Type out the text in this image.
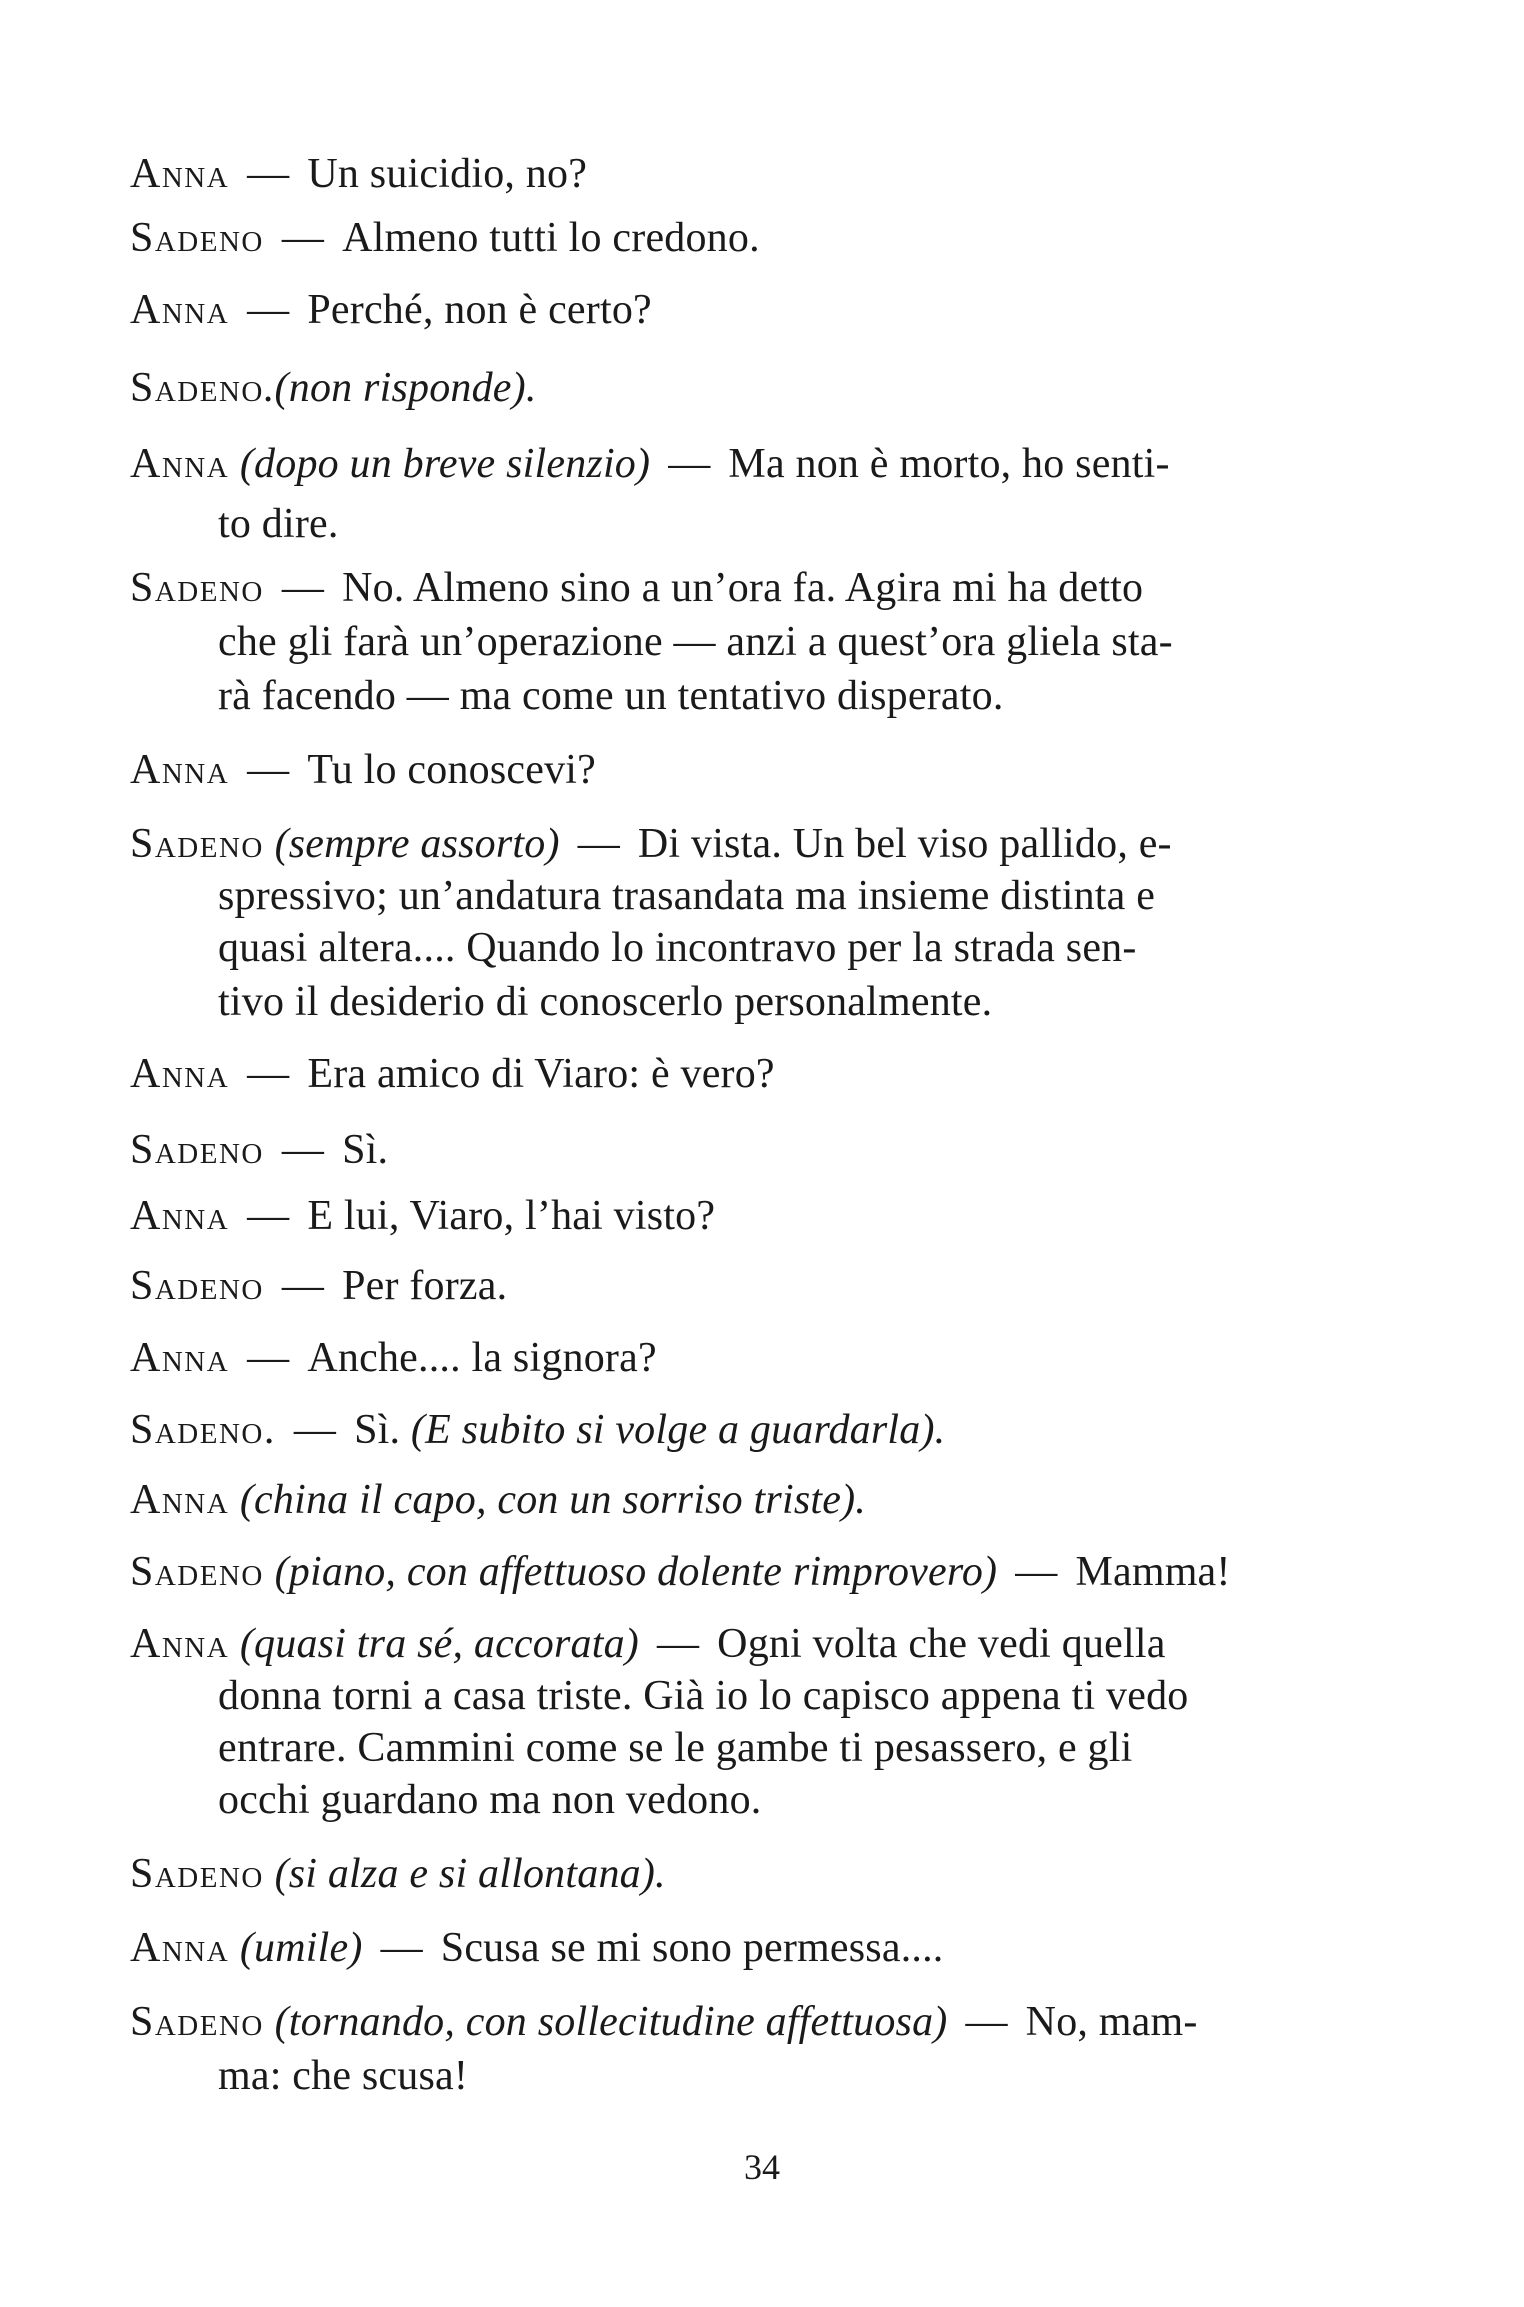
Anna — Un suicidio, no?
Sadeno — Almeno tutti lo credono.
Anna — Perché, non è certo?
Sadeno.(non risponde).
Anna (dopo un breve silenzio) — Ma non è morto, ho senti-
to dire.
Sadeno — No. Almeno sino a un’ora fa. Agira mi ha detto
che gli farà un’operazione — anzi a quest’ora gliela sta-
rà facendo — ma come un tentativo disperato.
Anna — Tu lo conoscevi?
Sadeno (sempre assorto) — Di vista. Un bel viso pallido, e-
spressivo; un’andatura trasandata ma insieme distinta e
quasi altera.... Quando lo incontravo per la strada sen-
tivo il desiderio di conoscerlo personalmente.
Anna — Era amico di Viaro: è vero?
Sadeno — Sì.
Anna — E lui, Viaro, l’hai visto?
Sadeno — Per forza.
Anna — Anche.... la signora?
Sadeno. — Sì. (E subito si volge a guardarla).
Anna (china il capo, con un sorriso triste).
Sadeno (piano, con affettuoso dolente rimprovero) — Mamma!
Anna (quasi tra sé, accorata) — Ogni volta che vedi quella
donna torni a casa triste. Già io lo capisco appena ti vedo
entrare. Cammini come se le gambe ti pesassero, e gli
occhi guardano ma non vedono.
Sadeno (si alza e si allontana).
Anna (umile) — Scusa se mi sono permessa....
Sadeno (tornando, con sollecitudine affettuosa) — No, mam-
ma: che scusa!
34
